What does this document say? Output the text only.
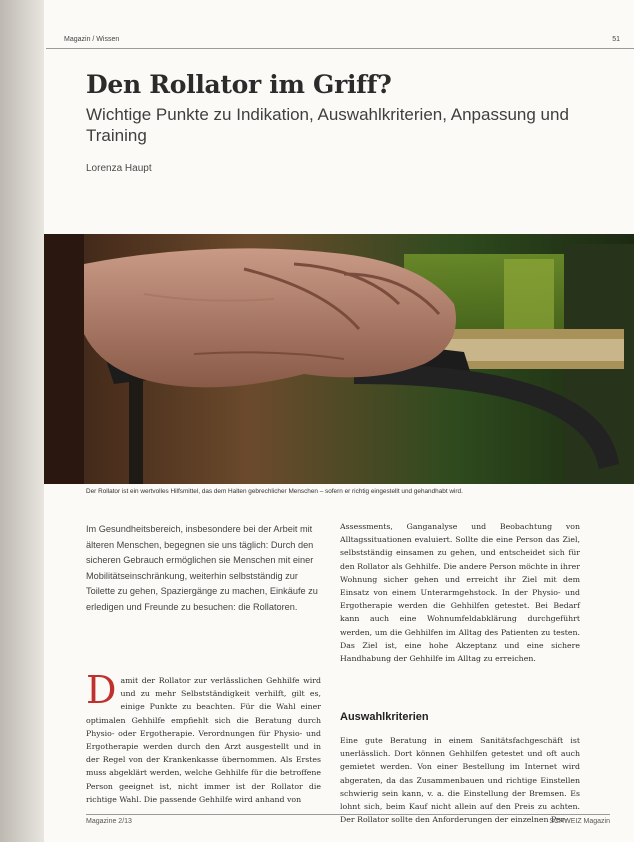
Magazin / Wissen	51
Den Rollator im Griff?

Wichtige Punkte zu Indikation, Auswahlkriterien, Anpassung und Training

Lorenza Haupt

Der Rollator ist ein wertvolles Hilfsmittel, das dem Halten gebrechlicher Menschen – sofern er richtig eingestellt und gehandhabt wird.

Im Gesundheitsbereich, insbesondere bei der Arbeit mit älteren Menschen, begegnen sie uns täglich: Durch den sicheren Gebrauch ermöglichen sie Menschen mit einer Mobilitätseinschränkung, weiterhin selbstständig zur Toilette zu gehen, Spaziergänge zu machen, Einkäufe zu erledigen und Freunde zu besuchen: die Rollatoren.

Damit der Rollator zur verlässlichen Gehhilfe wird und zu mehr Selbstständigkeit verhilft, gilt es, einige Punkte zu beachten. Für die Wahl einer optimalen Gehhilfe empfiehlt sich die Beratung durch Physio- oder Ergotherapie. Verordnungen für Physio- und Ergotherapie werden durch den Arzt ausgestellt und in der Regel von der Krankenkasse übernommen. Als Erstes muss abgeklärt werden, welche Gehhilfe für die betroffene Person geeignet ist, nicht immer ist der Rollator die richtige Wahl. Die passende Gehhilfe wird anhand von

Assessments, Ganganalyse und Beobachtung von Alltagssituationen evaluiert. Sollte die eine Person das Ziel, selbstständig einsamen zu gehen, und entscheidet sich für den Rollator als Gehhilfe. Die andere Person möchte in ihrer Wohnung sicher gehen und erreicht ihr Ziel mit dem Einsatz von einem Unterarmgehstock. In der Physio- und Ergotherapie werden die Gehhilfen getestet. Bei Bedarf kann auch eine Wohnumfeldabklärung durchgeführt werden, um die Gehhilfen im Alltag des Patienten zu testen. Das Ziel ist, eine hohe Akzeptanz und eine sichere Handhabung der Gehhilfe im Alltag zu erreichen.

Auswahlkriterien

Eine gute Beratung in einem Sanitätsfachgeschäft ist unerlässlich. Dort können Gehhilfen getestet und oft auch gemietet werden. Von einer Bestellung im Internet wird abgeraten, da das Zusammenbauen und richtige Einstellen schwierig sein kann, v. a. die Einstellung der Bremsen. Es lohnt sich, beim Kauf nicht allein auf den Preis zu achten. Der Rollator sollte den Anforderungen der einzelnen Per-

Magazine 2/13	SCHWEIZ Magazin
